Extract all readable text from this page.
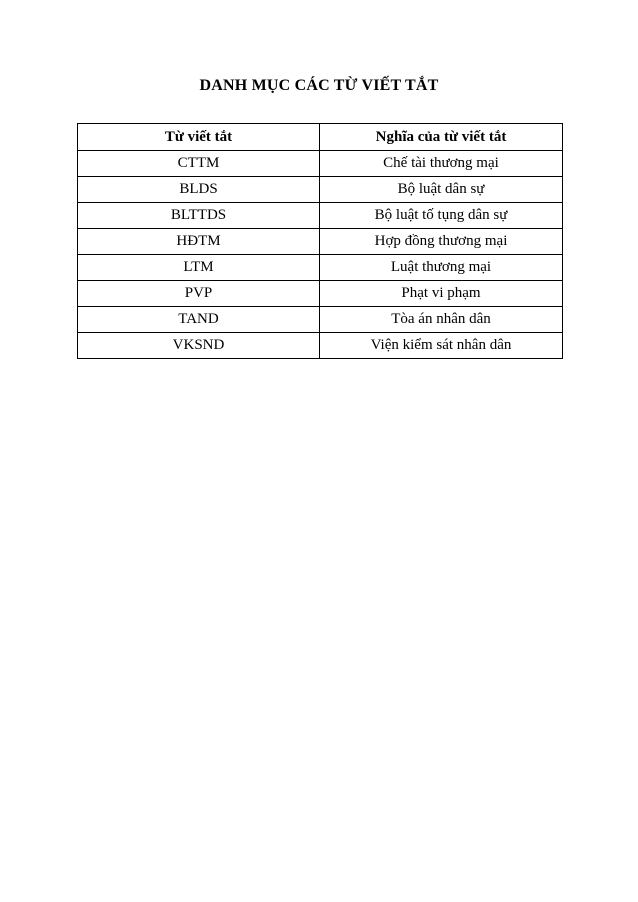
DANH MỤC CÁC TỪ VIẾT TẮT
Từ viết tắt	Nghĩa của từ viết tắt
CTTM	Chế tài thương mại
BLDS	Bộ luật dân sự
BLTTDS	Bộ luật tố tụng dân sự
HĐTM	Hợp đồng thương mại
LTM	Luật thương mại
PVP	Phạt vi phạm
TAND	Tòa án nhân dân
VKSND	Viện kiểm sát nhân dân
